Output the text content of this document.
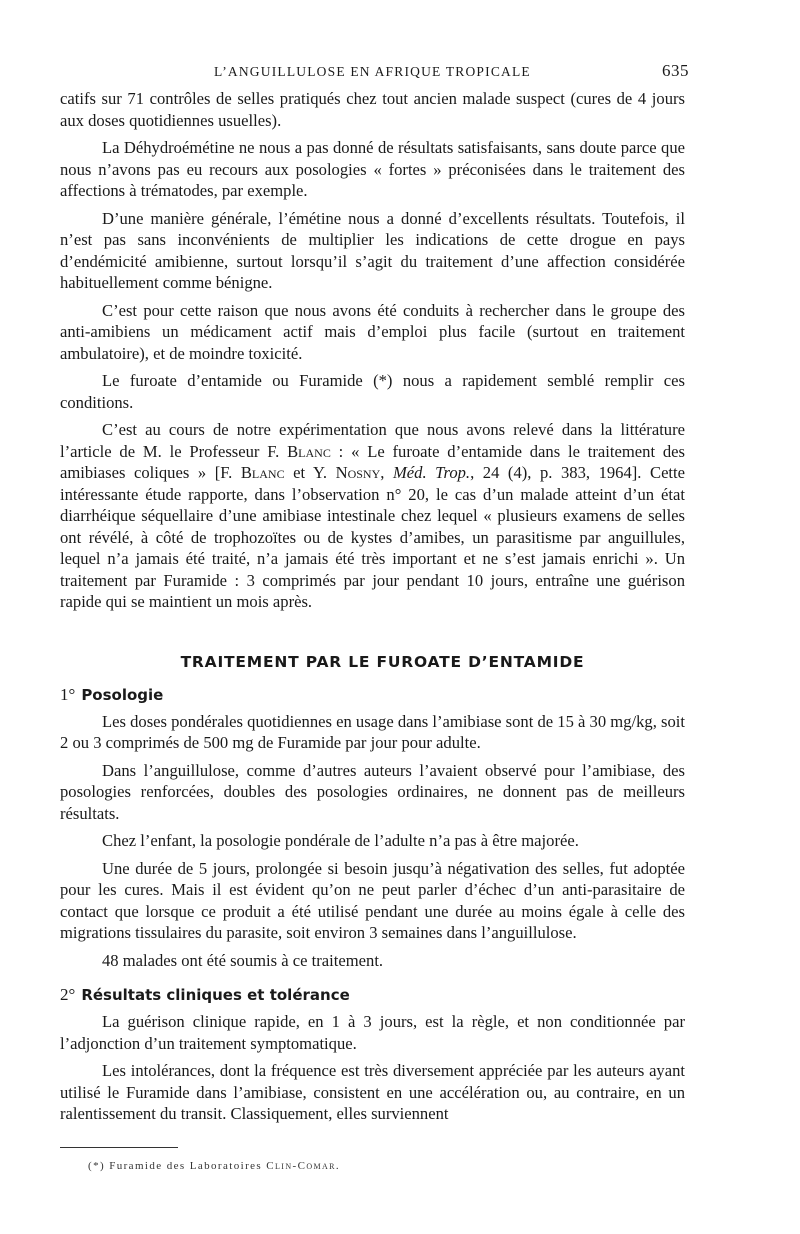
L’ANGUILLULOSE EN AFRIQUE TROPICALE	635

catifs sur 71 contrôles de selles pratiqués chez tout ancien malade suspect (cures de 4 jours aux doses quotidiennes usuelles).

La Déhydroémétine ne nous a pas donné de résultats satisfaisants, sans doute parce que nous n’avons pas eu recours aux posologies « fortes » préconisées dans le traitement des affections à trématodes, par exemple.

D’une manière générale, l’émétine nous a donné d’excellents résultats. Toutefois, il n’est pas sans inconvénients de multiplier les indications de cette drogue en pays d’endémicité amibienne, surtout lorsqu’il s’agit du traitement d’une affection considérée habituellement comme bénigne.

C’est pour cette raison que nous avons été conduits à rechercher dans le groupe des anti-amibiens un médicament actif mais d’emploi plus facile (surtout en traitement ambulatoire), et de moindre toxicité.

Le furoate d’entamide ou Furamide (*) nous a rapidement semblé remplir ces conditions.

C’est au cours de notre expérimentation que nous avons relevé dans la littérature l’article de M. le Professeur F. Blanc : « Le furoate d’entamide dans le traitement des amibiases coliques » [F. Blanc et Y. Nosny, Méd. Trop., 24 (4), p. 383, 1964]. Cette intéressante étude rapporte, dans l’observation n° 20, le cas d’un malade atteint d’un état diarrhéique séquellaire d’une amibiase intestinale chez lequel « plusieurs examens de selles ont révélé, à côté de trophozoïtes ou de kystes d’amibes, un parasitisme par anguillules, lequel n’a jamais été traité, n’a jamais été très important et ne s’est jamais enrichi ». Un traitement par Furamide : 3 comprimés par jour pendant 10 jours, entraîne une guérison rapide qui se maintient un mois après.

TRAITEMENT PAR LE FUROATE D’ENTAMIDE
1° Posologie

Les doses pondérales quotidiennes en usage dans l’amibiase sont de 15 à 30 mg/kg, soit 2 ou 3 comprimés de 500 mg de Furamide par jour pour adulte.

Dans l’anguillulose, comme d’autres auteurs l’avaient observé pour l’amibiase, des posologies renforcées, doubles des posologies ordinaires, ne donnent pas de meilleurs résultats.

Chez l’enfant, la posologie pondérale de l’adulte n’a pas à être majorée.

Une durée de 5 jours, prolongée si besoin jusqu’à négativation des selles, fut adoptée pour les cures. Mais il est évident qu’on ne peut parler d’échec d’un anti-parasitaire de contact que lorsque ce produit a été utilisé pendant une durée au moins égale à celle des migrations tissulaires du parasite, soit environ 3 semaines dans l’anguillulose.

48 malades ont été soumis à ce traitement.

2° Résultats cliniques et tolérance

La guérison clinique rapide, en 1 à 3 jours, est la règle, et non conditionnée par l’adjonction d’un traitement symptomatique.

Les intolérances, dont la fréquence est très diversement appréciée par les auteurs ayant utilisé le Furamide dans l’amibiase, consistent en une accélération ou, au contraire, en un ralentissement du transit. Classiquement, elles surviennent

(*) Furamide des Laboratoires Clin-Comar.
